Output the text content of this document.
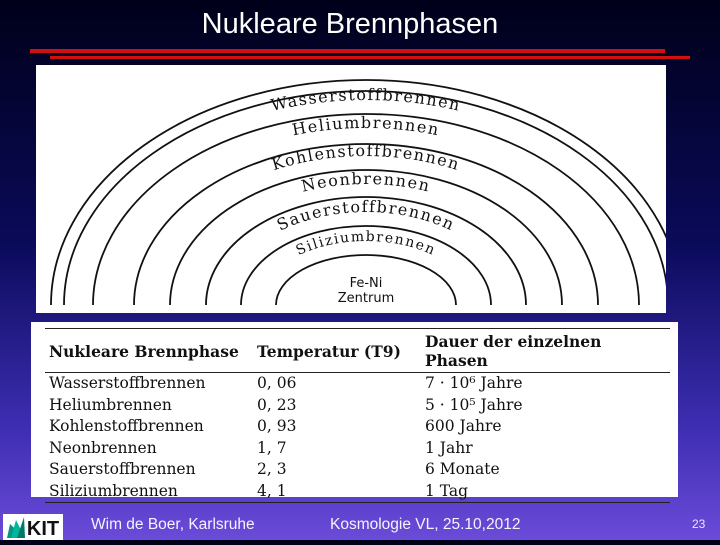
Nukleare Brennphasen
Wasserstoffbrennen
Heliumbrennen
Kohlenstoffbrennen
Neonbrennen
Sauerstoffbrennen
Siliziumbrennen
Fe-Ni
Zentrum
Nukleare Brennphase	Temperatur (T9)	Dauer der einzelnen Phasen
Wasserstoffbrennen	0, 06	7 · 10⁶ Jahre
Heliumbrennen	0, 23	5 · 10⁵ Jahre
Kohlenstoffbrennen	0, 93	600 Jahre
Neonbrennen	1, 7	1 Jahr
Sauerstoffbrennen	2, 3	6 Monate
Siliziumbrennen	4, 1	1 Tag
KIT Wim de Boer, Karlsruhe	Kosmologie VL, 25.10,2012	23
